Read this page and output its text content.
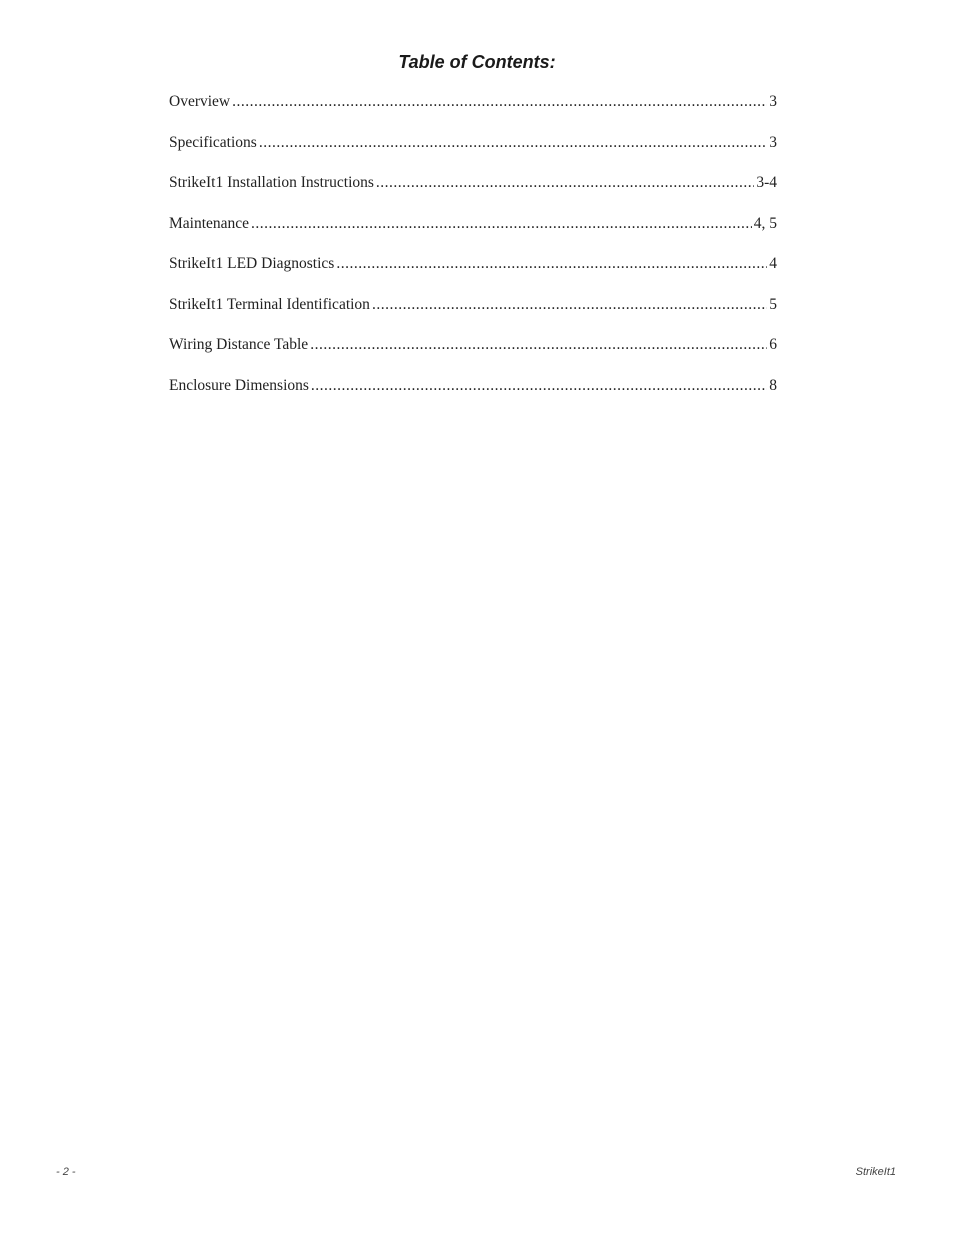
Table of Contents:
Overview .....	3
Specifications .....	3
StrikeIt1 Installation Instructions .....	3-4
Maintenance .....	4, 5
StrikeIt1 LED Diagnostics .....	4
StrikeIt1 Terminal Identification .....	5
Wiring Distance Table .....	6
Enclosure Dimensions .....	8
- 2 -	StrikeIt1
